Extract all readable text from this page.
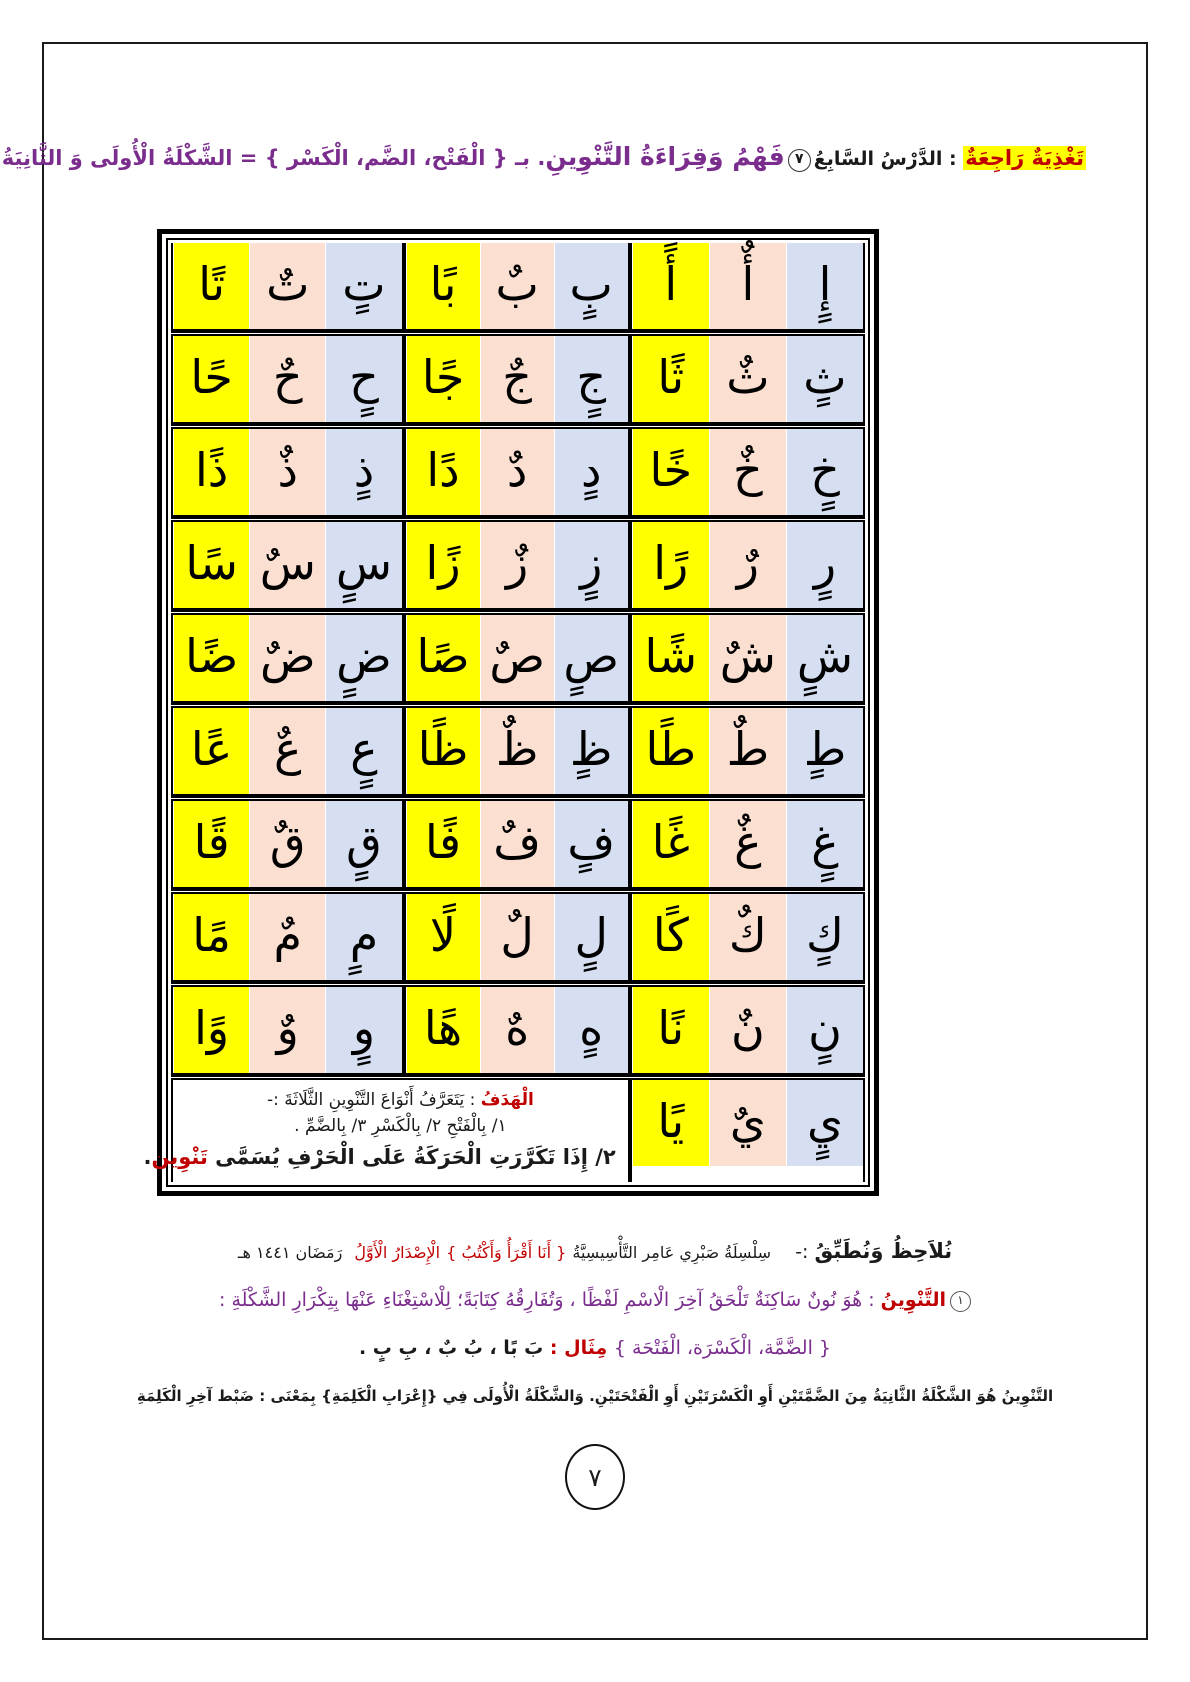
تَغْذِيَةٌ رَاجِعَةٌ : الدَّرْسُ السَّابِعُ٧فَهْمُ وَقِرَاءَةُ التَّنْوِينِ. بـ { الْفَتْح، الضَّم، الْكَسْر } = الشَّكْلَةُ الْأُولَى وَ الثَّانِيَةُ
إٍ
أٌ
أً
بٍ
بٌ
بًا
تٍ
تٌ
تًا
ثٍ
ثٌ
ثًا
جٍ
جٌ
جًا
حٍ
حٌ
حًا
خٍ
خٌ
خًا
دٍ
دٌ
دًا
ذٍ
ذٌ
ذًا
رٍ
رٌ
رًا
زٍ
زٌ
زًا
سٍ
سٌ
سًا
شٍ
شٌ
شًا
صٍ
صٌ
صًا
ضٍ
ضٌ
ضًا
طٍ
طٌ
طًا
ظٍ
ظٌ
ظًا
عٍ
عٌ
عًا
غٍ
غٌ
غًا
فٍ
فٌ
فًا
قٍ
قٌ
قًا
كٍ
كٌ
كًا
لٍ
لٌ
لًا
مٍ
مٌ
مًا
نٍ
نٌ
نًا
هٍ
هٌ
هًا
وٍ
وٌ
وًا
يٍ
يٌ
يًا
الْهَدَفُ : يَتَعَرَّفُ أَنْوَاعَ التَّنْوِينِ الثَّلَاثَةَ :-
١/ بِالْفَتْحِ ٢/ بِالْكَسْرِ ٣/ بِالضَّمِّ .
٢/ إِذَا تَكَرَّرَتِ الْحَرَكَةُ عَلَى الْحَرْفِ يُسَمَّى تَنْوِين.
نُلاَحِظُ وَنُطَبِّقُ :-    سِلْسِلَةُ صَبْرِي عَامِر التَّأْسِيسِيَّةُ { أَنَا أَقْرَأُ وَأَكْتُبُ } الْإِصْدَارُ الْأَوَّلُ  رَمَضَان ١٤٤١ هـ
١التَّنْوِينُ : هُوَ نُونٌ سَاكِنَةٌ تَلْحَقُ آخِرَ الْاسْمِ لَفْظًا ، وَتُفَارِقُهُ كِتَابَةً؛ لِلْاسْتِغْنَاءِ عَنْهَا بِتِكْرَارِ الشَّكْلَةِ :
{ الضَّمَّة، الْكَسْرَة، الْفَتْحَة } مِثَال : بَ بًا ، بُ بٌ ، بِ بٍ .
التَّنْوِينُ هُوَ الشَّكْلَةُ الثَّانِيَةُ مِنَ الضَّمَّتَيْنِ أَوِ الْكَسْرَتَيْنِ أَوِ الْفَتْحَتَيْنِ. وَالشَّكْلَةُ الْأُولَى فِي {إِعْرَابِ الْكَلِمَةِ} بِمَعْنَى : ضَبْط آخِرِ الْكَلِمَةِ
٧
